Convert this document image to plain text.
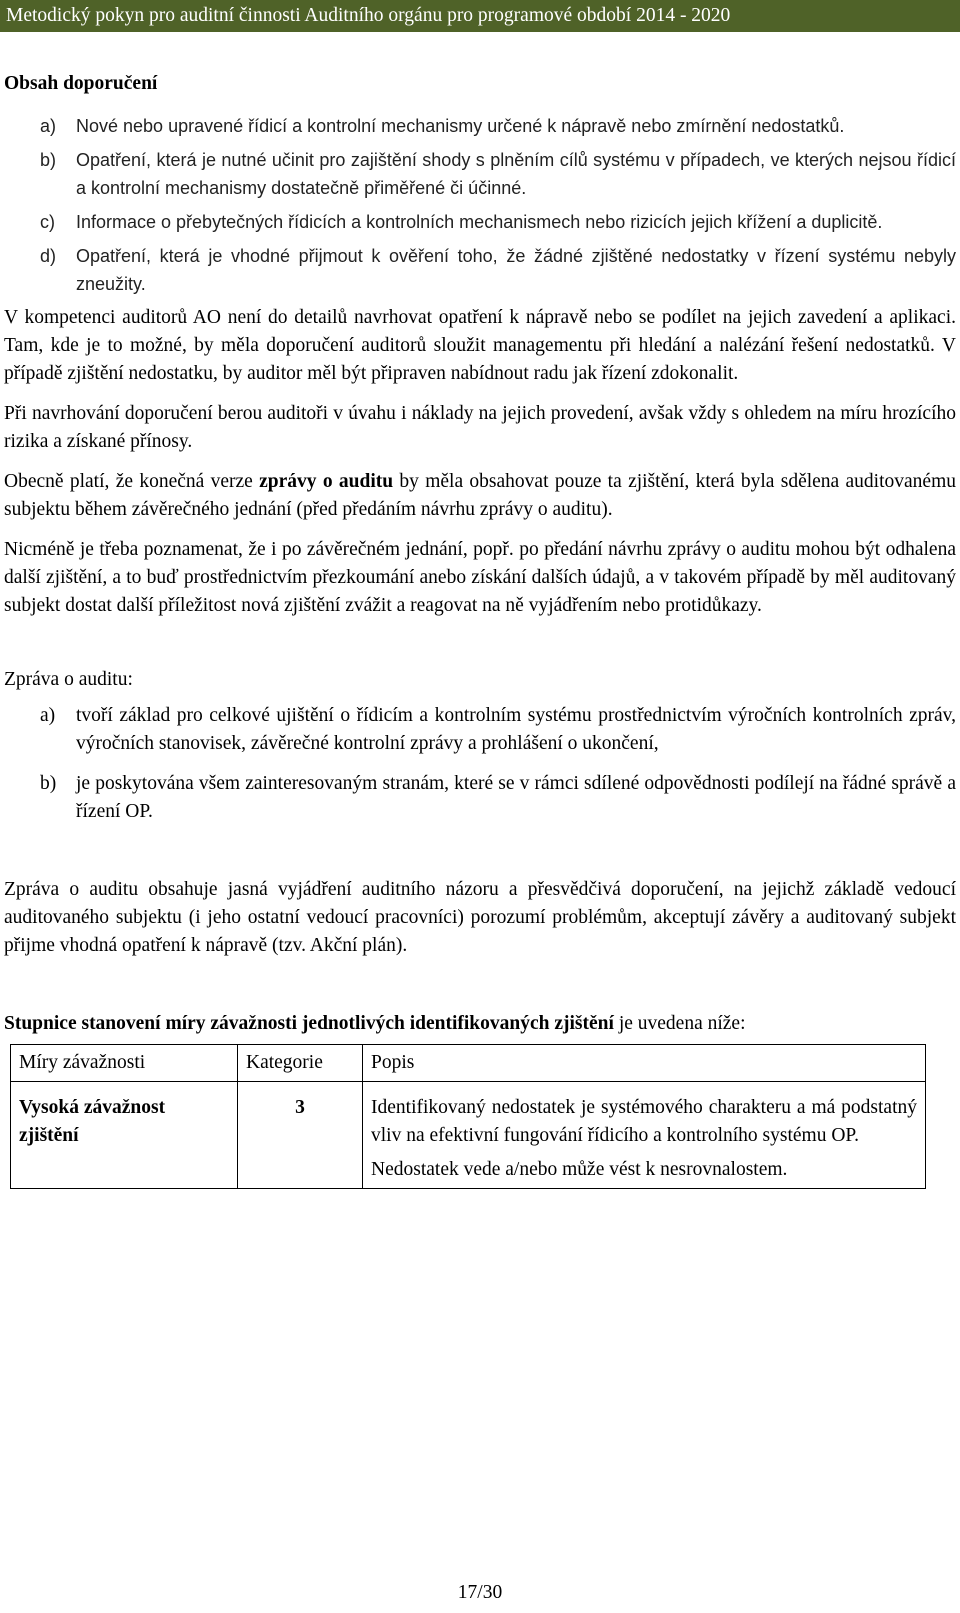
Metodický pokyn pro auditní činnosti Auditního orgánu pro programové období 2014 - 2020
Obsah doporučení
a)	Nové nebo upravené řídicí a kontrolní mechanismy určené k nápravě nebo zmírnění nedostatků.
b)	Opatření, která je nutné učinit pro zajištění shody s plněním cílů systému v případech, ve kterých nejsou řídicí a kontrolní mechanismy dostatečně přiměřené či účinné.
c)	Informace o přebytečných řídicích a kontrolních mechanismech nebo rizicích jejich křížení a duplicitě.
d)	Opatření, která je vhodné přijmout k ověření toho, že žádné zjištěné nedostatky v řízení systému nebyly zneužity.

V kompetenci auditorů AO není do detailů navrhovat opatření k nápravě nebo se podílet na jejich zavedení a aplikaci. Tam, kde je to možné, by měla doporučení auditorů sloužit managementu při hledání a nalézání řešení nedostatků. V případě zjištění nedostatku, by auditor měl být připraven nabídnout radu jak řízení zdokonalit.

Při navrhování doporučení berou auditoři v úvahu i náklady na jejich provedení, avšak vždy s ohledem na míru hrozícího rizika a získané přínosy.

Obecně platí, že konečná verze zprávy o auditu by měla obsahovat pouze ta zjištění, která byla sdělena auditovanému subjektu během závěrečného jednání (před předáním návrhu zprávy o auditu).

Nicméně je třeba poznamenat, že i po závěrečném jednání, popř. po předání návrhu zprávy o auditu mohou být odhalena další zjištění, a to buď prostřednictvím přezkoumání anebo získání dalších údajů, a v takovém případě by měl auditovaný subjekt dostat další příležitost nová zjištění zvážit a reagovat na ně vyjádřením nebo protidůkazy.

Zpráva o auditu:
a)	tvoří základ pro celkové ujištění o řídicím a kontrolním systému prostřednictvím výročních kontrolních zpráv, výročních stanovisek, závěrečné kontrolní zprávy a prohlášení o ukončení,
b)	je poskytována všem zainteresovaným stranám, které se v rámci sdílené odpovědnosti podílejí na řádné správě a řízení OP.

Zpráva o auditu obsahuje jasná vyjádření auditního názoru a přesvědčivá doporučení, na jejichž základě vedoucí auditovaného subjektu (i jeho ostatní vedoucí pracovníci) porozumí problémům, akceptují závěry a auditovaný subjekt přijme vhodná opatření k nápravě (tzv. Akční plán).

Stupnice stanovení míry závažnosti jednotlivých identifikovaných zjištění je uvedena níže:

Míry závažnosti	Kategorie	Popis
Vysoká závažnost zjištění	3	Identifikovaný nedostatek je systémového charakteru a má podstatný vliv na efektivní fungování řídicího a kontrolního systému OP.
Nedostatek vede a/nebo může vést k nesrovnalostem.
17/30
